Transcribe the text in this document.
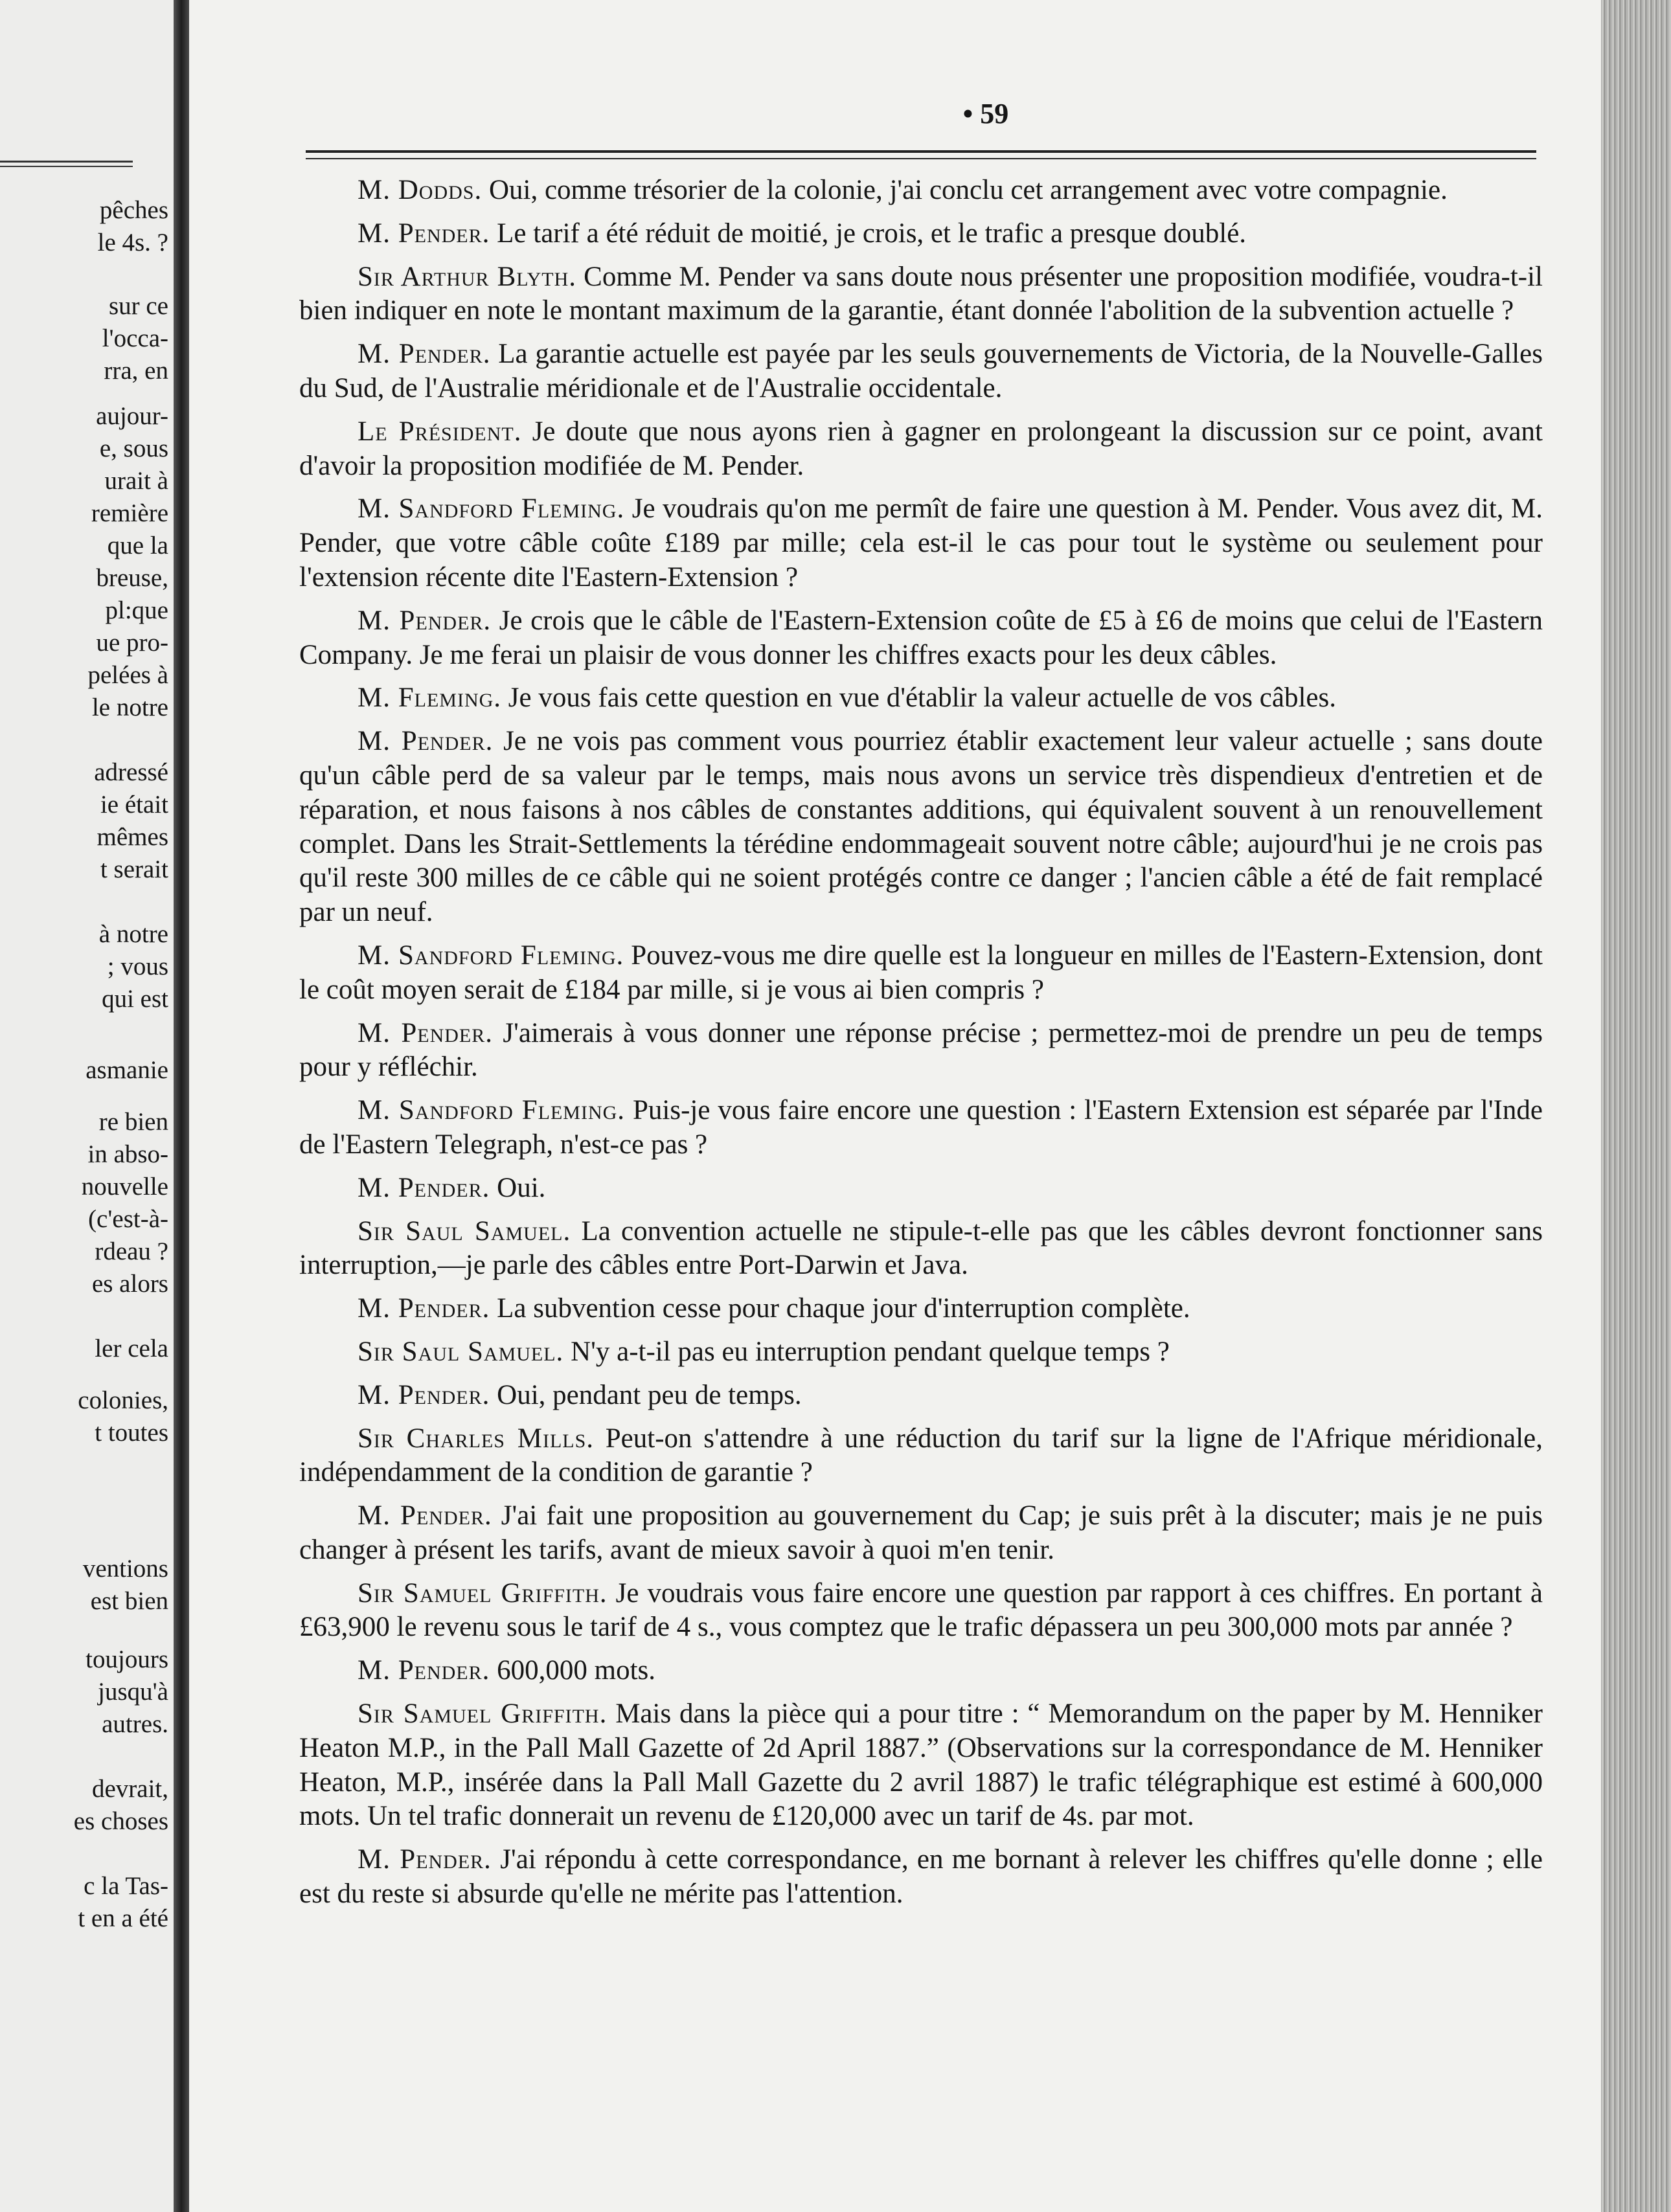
pêches
le 4s. ?
sur ce
l'occa-
rra, en
aujour-
e, sous
urait à
remière
que la
breuse,
pl:que
ue pro-
pelées à
le notre
adressé
ie était
mêmes
t serait
à notre
; vous
qui est
asmanie
re bien
in abso-
nouvelle
(c'est-à-
rdeau ?
es alors
ler cela
colonies,
t toutes
ventions
est bien
toujours
jusqu'à
autres.
devrait,
es choses
c la Tas-
t en a été
• 59

M. Dodds. Oui, comme trésorier de la colonie, j'ai conclu cet arrangement avec votre compagnie.

M. Pender. Le tarif a été réduit de moitié, je crois, et le trafic a presque doublé.

Sir Arthur Blyth. Comme M. Pender va sans doute nous présenter une proposition modifiée, voudra-t-il bien indiquer en note le montant maximum de la garantie, étant donnée l'abolition de la subvention actuelle ?

M. Pender. La garantie actuelle est payée par les seuls gouvernements de Victoria, de la Nouvelle-Galles du Sud, de l'Australie méridionale et de l'Australie occidentale.

Le Président. Je doute que nous ayons rien à gagner en prolongeant la discussion sur ce point, avant d'avoir la proposition modifiée de M. Pender.

M. Sandford Fleming. Je voudrais qu'on me permît de faire une question à M. Pender. Vous avez dit, M. Pender, que votre câble coûte £189 par mille; cela est-il le cas pour tout le système ou seulement pour l'extension récente dite l'Eastern-Extension ?

M. Pender. Je crois que le câble de l'Eastern-Extension coûte de £5 à £6 de moins que celui de l'Eastern Company. Je me ferai un plaisir de vous donner les chiffres exacts pour les deux câbles.

M. Fleming. Je vous fais cette question en vue d'établir la valeur actuelle de vos câbles.

M. Pender. Je ne vois pas comment vous pourriez établir exactement leur valeur actuelle ; sans doute qu'un câble perd de sa valeur par le temps, mais nous avons un service très dispendieux d'entretien et de réparation, et nous faisons à nos câbles de constantes additions, qui équivalent souvent à un renouvellement complet. Dans les Strait-Settlements la térédine endommageait souvent notre câble; aujourd'hui je ne crois pas qu'il reste 300 milles de ce câble qui ne soient protégés contre ce danger ; l'ancien câble a été de fait remplacé par un neuf.

M. Sandford Fleming. Pouvez-vous me dire quelle est la longueur en milles de l'Eastern-Extension, dont le coût moyen serait de £184 par mille, si je vous ai bien compris ?

M. Pender. J'aimerais à vous donner une réponse précise ; permettez-moi de prendre un peu de temps pour y réfléchir.

M. Sandford Fleming. Puis-je vous faire encore une question : l'Eastern Extension est séparée par l'Inde de l'Eastern Telegraph, n'est-ce pas ?

M. Pender. Oui.

Sir Saul Samuel. La convention actuelle ne stipule-t-elle pas que les câbles devront fonctionner sans interruption,—je parle des câbles entre Port-Darwin et Java.

M. Pender. La subvention cesse pour chaque jour d'interruption complète.

Sir Saul Samuel. N'y a-t-il pas eu interruption pendant quelque temps ?

M. Pender. Oui, pendant peu de temps.

Sir Charles Mills. Peut-on s'attendre à une réduction du tarif sur la ligne de l'Afrique méridionale, indépendamment de la condition de garantie ?

M. Pender. J'ai fait une proposition au gouvernement du Cap; je suis prêt à la discuter; mais je ne puis changer à présent les tarifs, avant de mieux savoir à quoi m'en tenir.

Sir Samuel Griffith. Je voudrais vous faire encore une question par rapport à ces chiffres. En portant à £63,900 le revenu sous le tarif de 4 s., vous comptez que le trafic dépassera un peu 300,000 mots par année ?

M. Pender. 600,000 mots.

Sir Samuel Griffith. Mais dans la pièce qui a pour titre : “ Memorandum on the paper by M. Henniker Heaton M.P., in the Pall Mall Gazette of 2d April 1887.” (Observations sur la correspondance de M. Henniker Heaton, M.P., insérée dans la Pall Mall Gazette du 2 avril 1887) le trafic télégraphique est estimé à 600,000 mots. Un tel trafic donnerait un revenu de £120,000 avec un tarif de 4s. par mot.

M. Pender. J'ai répondu à cette correspondance, en me bornant à relever les chiffres qu'elle donne ; elle est du reste si absurde qu'elle ne mérite pas l'attention.
